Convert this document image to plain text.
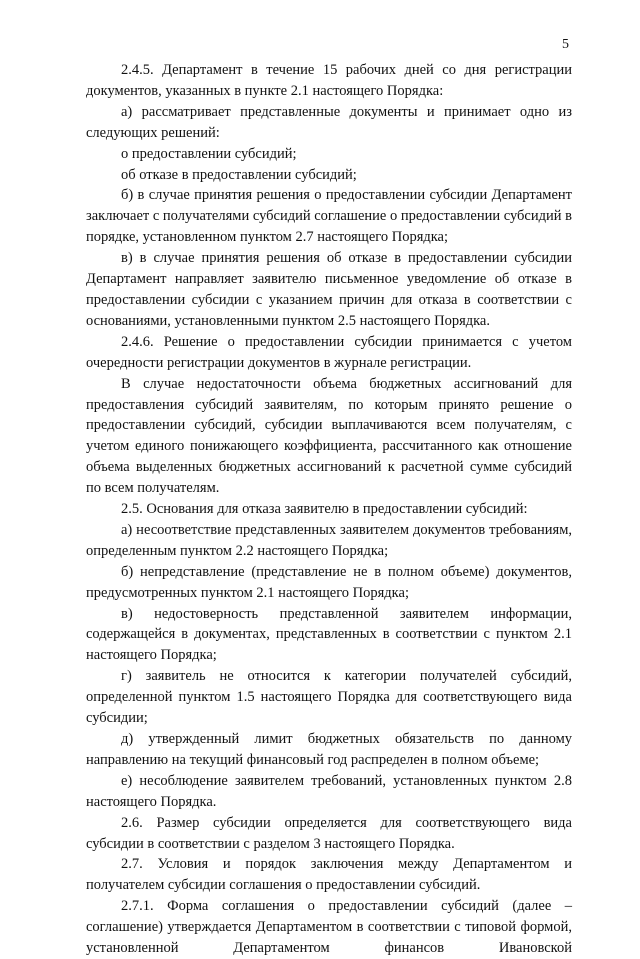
5

2.4.5. Департамент в течение 15 рабочих дней со дня регистрации документов, указанных в пункте 2.1 настоящего Порядка:

а) рассматривает представленные документы и принимает одно из следующих решений:

о предоставлении субсидий;

об отказе в предоставлении субсидий;

б) в случае принятия решения о предоставлении субсидии Департамент заключает с получателями субсидий соглашение о предоставлении субсидий в порядке, установленном пунктом 2.7 настоящего Порядка;

в) в случае принятия решения об отказе в предоставлении субсидии Департамент направляет заявителю письменное уведомление об отказе в предоставлении субсидии с указанием причин для отказа в соответствии с основаниями, установленными пунктом 2.5 настоящего Порядка.

2.4.6. Решение о предоставлении субсидии принимается с учетом очередности регистрации документов в журнале регистрации.

В случае недостаточности объема бюджетных ассигнований для предоставления субсидий заявителям, по которым принято решение о предоставлении субсидий, субсидии выплачиваются всем получателям, с учетом единого понижающего коэффициента, рассчитанного как отношение объема выделенных бюджетных ассигнований к расчетной сумме субсидий по всем получателям.

2.5. Основания для отказа заявителю в предоставлении субсидий:

а) несоответствие представленных заявителем документов требованиям, определенным пунктом 2.2 настоящего Порядка;

б) непредставление (представление не в полном объеме) документов, предусмотренных пунктом 2.1 настоящего Порядка;

в) недостоверность представленной заявителем информации, содержащейся в документах, представленных в соответствии с пунктом 2.1 настоящего Порядка;

г) заявитель не относится к категории получателей субсидий, определенной пунктом 1.5 настоящего Порядка для соответствующего вида субсидии;

д) утвержденный лимит бюджетных обязательств по данному направлению на текущий финансовый год распределен в полном объеме;

е) несоблюдение заявителем требований, установленных пунктом 2.8 настоящего Порядка.

2.6. Размер субсидии определяется для соответствующего вида субсидии в соответствии с разделом 3 настоящего Порядка.

2.7. Условия и порядок заключения между Департаментом и получателем субсидии соглашения о предоставлении субсидий.

2.7.1. Форма соглашения о предоставлении субсидий (далее – соглашение) утверждается Департаментом в соответствии с типовой формой, установленной Департаментом финансов Ивановской
